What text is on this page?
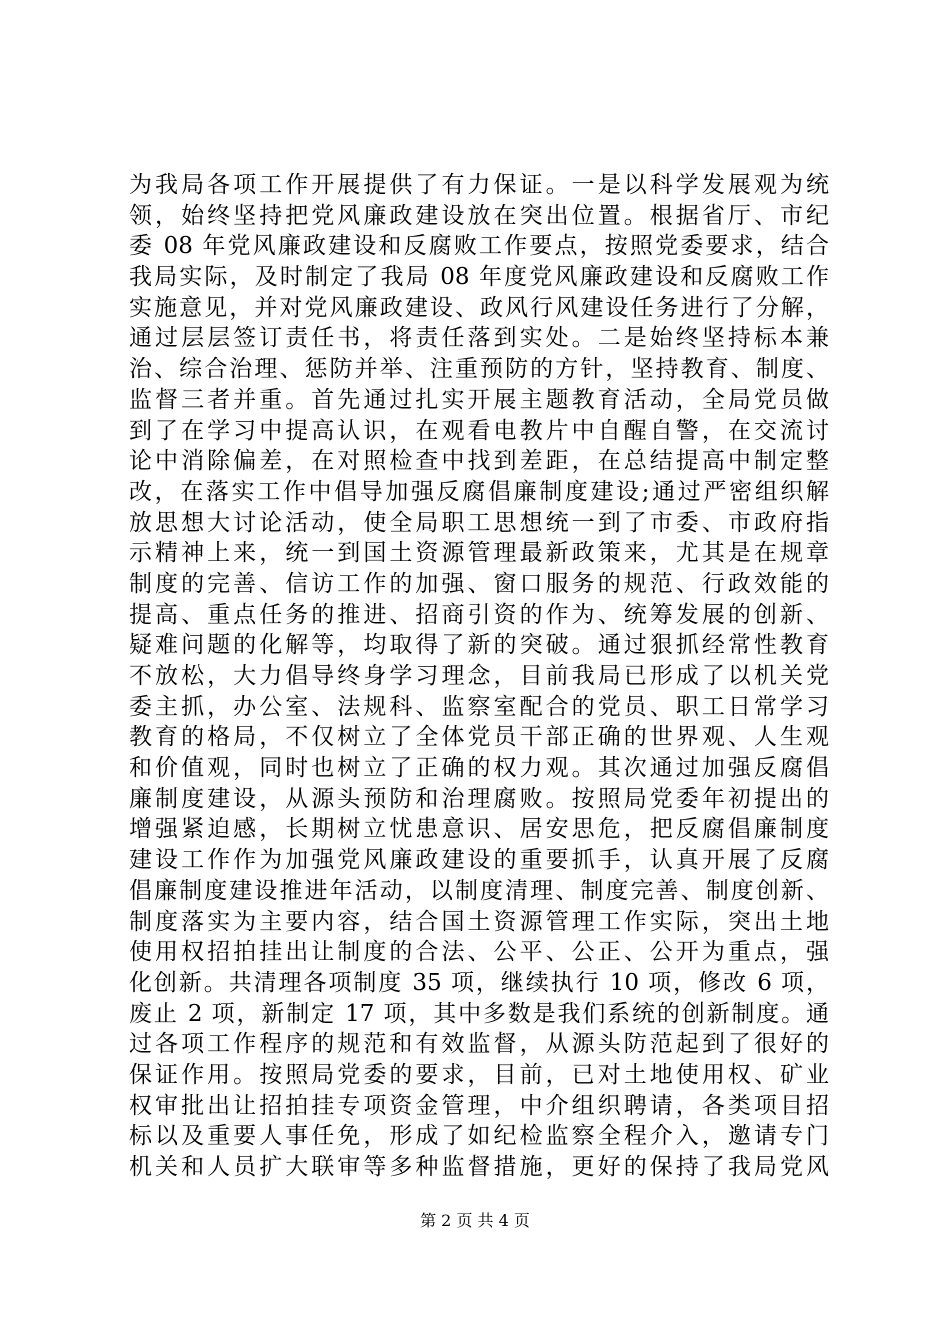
为我局各项工作开展提供了有力保证。一是以科学发展观为统
领，始终坚持把党风廉政建设放在突出位置。根据省厅、市纪
委 08 年党风廉政建设和反腐败工作要点，按照党委要求，结合
我局实际，及时制定了我局 08 年度党风廉政建设和反腐败工作
实施意见，并对党风廉政建设、政风行风建设任务进行了分解，
通过层层签订责任书，将责任落到实处。二是始终坚持标本兼
治、综合治理、惩防并举、注重预防的方针，坚持教育、制度、
监督三者并重。首先通过扎实开展主题教育活动，全局党员做
到了在学习中提高认识，在观看电教片中自醒自警，在交流讨
论中消除偏差，在对照检查中找到差距，在总结提高中制定整
改，在落实工作中倡导加强反腐倡廉制度建设;通过严密组织解
放思想大讨论活动，使全局职工思想统一到了市委、市政府指
示精神上来，统一到国土资源管理最新政策来，尤其是在规章
制度的完善、信访工作的加强、窗口服务的规范、行政效能的
提高、重点任务的推进、招商引资的作为、统筹发展的创新、
疑难问题的化解等，均取得了新的突破。通过狠抓经常性教育
不放松，大力倡导终身学习理念，目前我局已形成了以机关党
委主抓，办公室、法规科、监察室配合的党员、职工日常学习
教育的格局，不仅树立了全体党员干部正确的世界观、人生观
和价值观，同时也树立了正确的权力观。其次通过加强反腐倡
廉制度建设，从源头预防和治理腐败。按照局党委年初提出的
增强紧迫感，长期树立忧患意识、居安思危，把反腐倡廉制度
建设工作作为加强党风廉政建设的重要抓手，认真开展了反腐
倡廉制度建设推进年活动，以制度清理、制度完善、制度创新、
制度落实为主要内容，结合国土资源管理工作实际，突出土地
使用权招拍挂出让制度的合法、公平、公正、公开为重点，强
化创新。共清理各项制度 35 项，继续执行 10 项，修改 6 项，
废止 2 项，新制定 17 项，其中多数是我们系统的创新制度。通
过各项工作程序的规范和有效监督，从源头防范起到了很好的
保证作用。按照局党委的要求，目前，已对土地使用权、矿业
权审批出让招拍挂专项资金管理，中介组织聘请，各类项目招
标以及重要人事任免，形成了如纪检监察全程介入，邀请专门
机关和人员扩大联审等多种监督措施，更好的保持了我局党风
第 2 页 共 4 页
